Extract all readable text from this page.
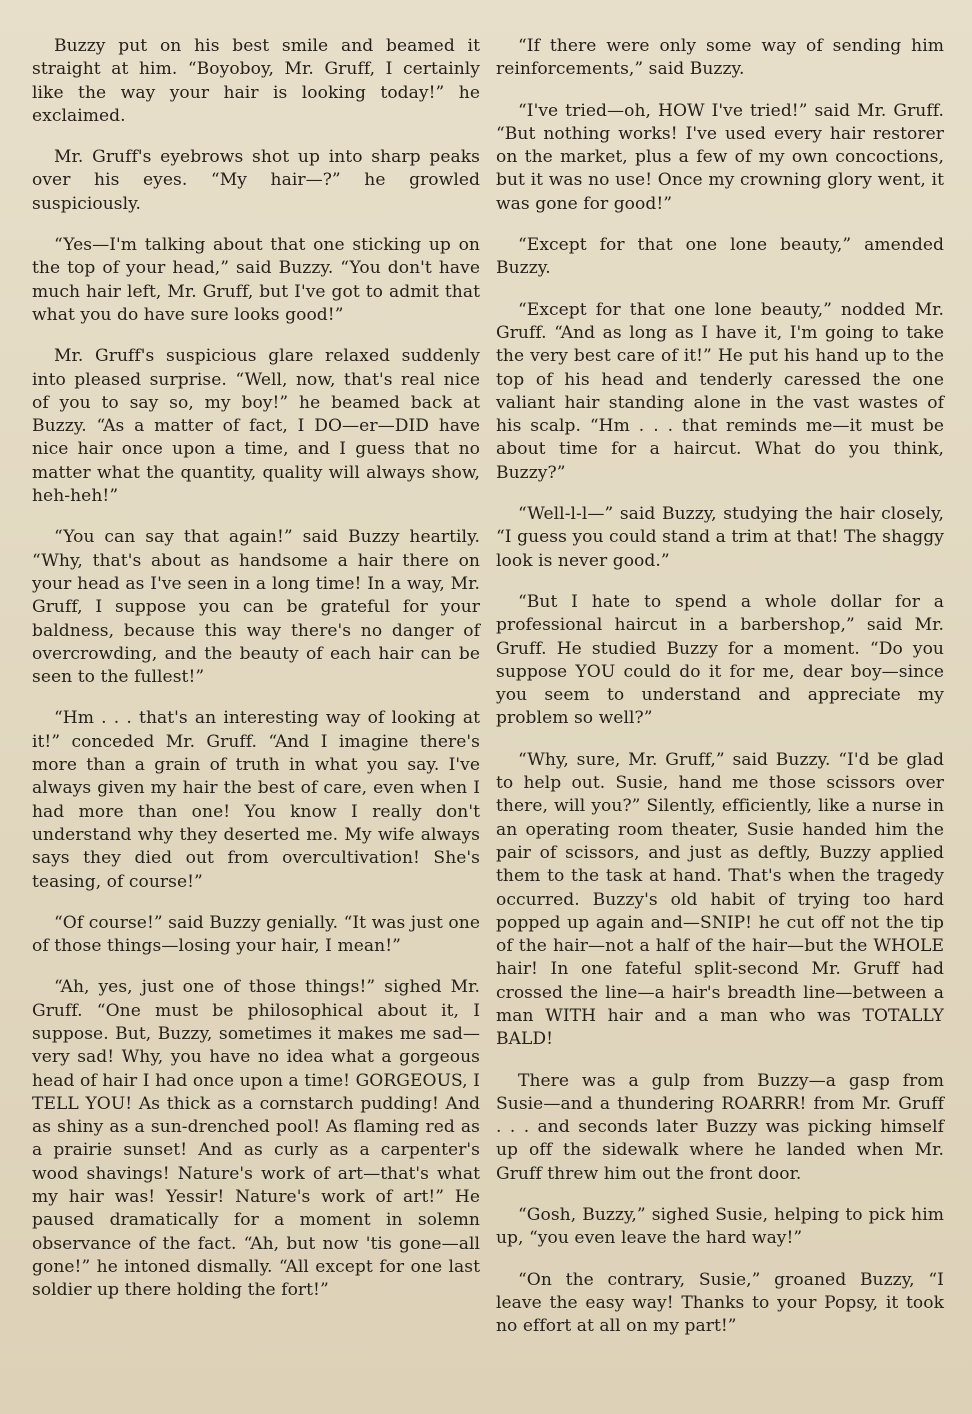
Buzzy put on his best smile and beamed it straight at him. “Boyoboy, Mr. Gruff, I certainly like the way your hair is looking today!” he exclaimed.

Mr. Gruff's eyebrows shot up into sharp peaks over his eyes. “My hair—?” he growled suspiciously.

“Yes—I'm talking about that one sticking up on the top of your head,” said Buzzy. “You don't have much hair left, Mr. Gruff, but I've got to admit that what you do have sure looks good!”

Mr. Gruff's suspicious glare relaxed suddenly into pleased surprise. “Well, now, that's real nice of you to say so, my boy!” he beamed back at Buzzy. “As a matter of fact, I DO—er—DID have nice hair once upon a time, and I guess that no matter what the quantity, quality will always show, heh-heh!”

“You can say that again!” said Buzzy heartily. “Why, that's about as handsome a hair there on your head as I've seen in a long time! In a way, Mr. Gruff, I suppose you can be grateful for your baldness, because this way there's no danger of overcrowding, and the beauty of each hair can be seen to the fullest!”

“Hm . . . that's an interesting way of looking at it!” conceded Mr. Gruff. “And I imagine there's more than a grain of truth in what you say. I've always given my hair the best of care, even when I had more than one! You know I really don't understand why they deserted me. My wife always says they died out from overcultivation! She's teasing, of course!”

“Of course!” said Buzzy genially. “It was just one of those things—losing your hair, I mean!”

“Ah, yes, just one of those things!” sighed Mr. Gruff. “One must be philosophical about it, I suppose. But, Buzzy, sometimes it makes me sad—very sad! Why, you have no idea what a gorgeous head of hair I had once upon a time! GORGEOUS, I TELL YOU! As thick as a cornstarch pudding! And as shiny as a sun-drenched pool! As flaming red as a prairie sunset! And as curly as a carpenter's wood shavings! Nature's work of art—that's what my hair was! Yessir! Nature's work of art!” He paused dramatically for a moment in solemn observance of the fact. “Ah, but now 'tis gone—all gone!” he intoned dismally. “All except for one last soldier up there holding the fort!”

“If there were only some way of sending him reinforcements,” said Buzzy.

“I've tried—oh, HOW I've tried!” said Mr. Gruff. “But nothing works! I've used every hair restorer on the market, plus a few of my own concoctions, but it was no use! Once my crowning glory went, it was gone for good!”

“Except for that one lone beauty,” amended Buzzy.

“Except for that one lone beauty,” nodded Mr. Gruff. “And as long as I have it, I'm going to take the very best care of it!” He put his hand up to the top of his head and tenderly caressed the one valiant hair standing alone in the vast wastes of his scalp. “Hm . . . that reminds me—it must be about time for a haircut. What do you think, Buzzy?”

“Well-l-l—” said Buzzy, studying the hair closely, “I guess you could stand a trim at that! The shaggy look is never good.”

“But I hate to spend a whole dollar for a professional haircut in a barbershop,” said Mr. Gruff. He studied Buzzy for a moment. “Do you suppose YOU could do it for me, dear boy—since you seem to understand and appreciate my problem so well?”

“Why, sure, Mr. Gruff,” said Buzzy. “I'd be glad to help out. Susie, hand me those scissors over there, will you?” Silently, efficiently, like a nurse in an operating room theater, Susie handed him the pair of scissors, and just as deftly, Buzzy applied them to the task at hand. That's when the tragedy occurred. Buzzy's old habit of trying too hard popped up again and—SNIP! he cut off not the tip of the hair—not a half of the hair—but the WHOLE hair! In one fateful split-second Mr. Gruff had crossed the line—a hair's breadth line—between a man WITH hair and a man who was TOTALLY BALD!

There was a gulp from Buzzy—a gasp from Susie—and a thundering ROARRR! from Mr. Gruff . . . and seconds later Buzzy was picking himself up off the sidewalk where he landed when Mr. Gruff threw him out the front door.

“Gosh, Buzzy,” sighed Susie, helping to pick him up, “you even leave the hard way!”

“On the contrary, Susie,” groaned Buzzy, “I leave the easy way! Thanks to your Popsy, it took no effort at all on my part!”
